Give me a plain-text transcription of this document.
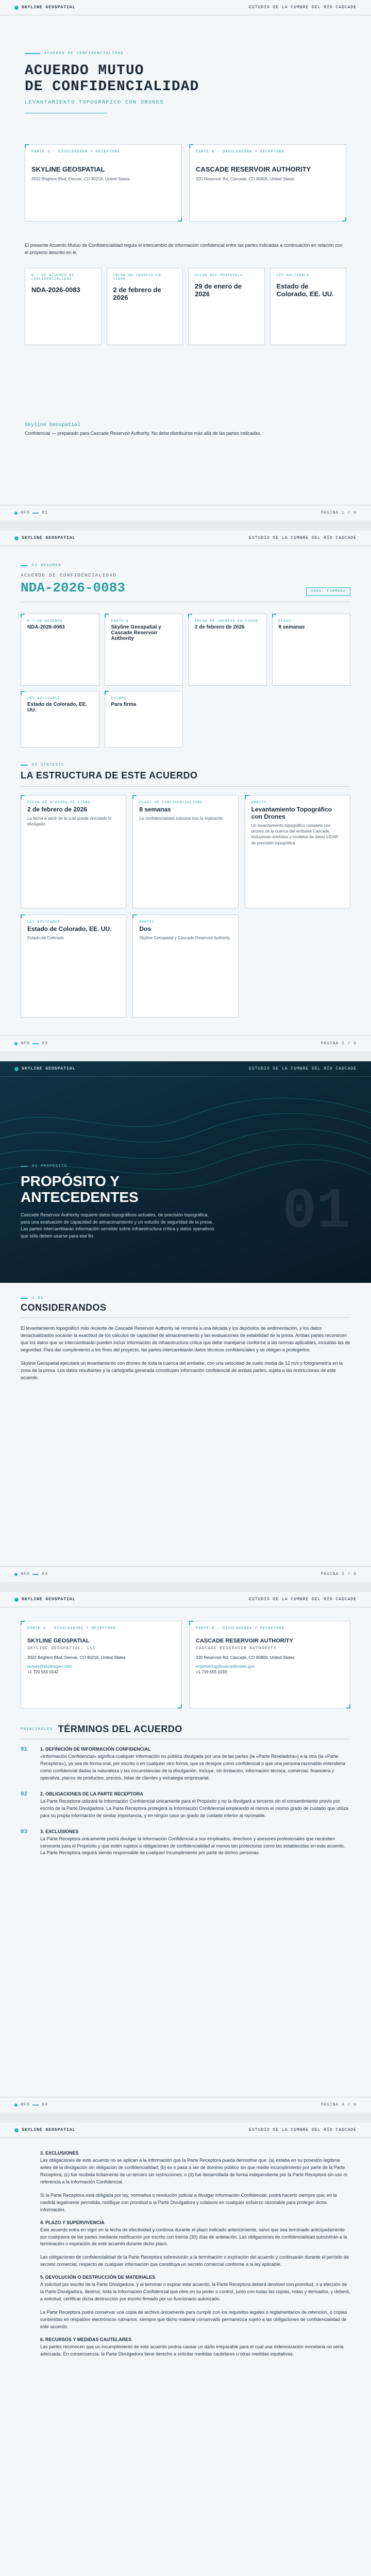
SKYLINE GEOSPATIAL	ESTUDIO DE LA CUMBRE DEL RÍO CASCADE
ACUERDO DE CONFIDENCIALIDAD
ACUERDO MUTUO
DE CONFIDENCIALIDAD
LEVANTAMIENTO TOPOGRÁFICO CON DRONES
PARTE A · DIVULGADORA Y RECEPTORA
SKYLINE GEOSPATIAL
3032 Brighton Blvd, Denver, CO 80216, United States
PARTE B · DIVULGADORA Y RECEPTORA
CASCADE RESERVOIR AUTHORITY
320 Reservoir Rd, Cascade, CO 80809, United States

El presente Acuerdo Mutuo de Confidencialidad regula el intercambio de información confidencial entre las partes indicadas a continuación en relación con el proyecto descrito en él.

N.º DE ACUERDO DE CONFIDENCIALIDAD
NDA-2026-0083
FECHA DE INGRESO EN VIGOR
2 de febrero de 2026
FECHA DEL PROTOCOLO
29 de enero de 2026
LEY APLICABLE
Estado de Colorado, EE. UU.
Skyline Geospatial
Confidencial — preparado para Cascade Reservoir Authority. No debe distribuirse más allá de las partes indicadas.
NFD	01	PÁGINA 1 / 6
SKYLINE GEOSPATIAL	ESTUDIO DE LA CUMBRE DEL RÍO CASCADE
01 RESUMEN
ACUERDO DE CONFIDENCIALIDAD
NDA-2026-0083	VERS. FIRMADA
N.º DE ACUERDO
NDA-2026-0083
PARTE A
Skyline Geospatial y Cascade Reservoir Authority
FECHA DE INGRESO EN VIGOR
2 de febrero de 2026
PLAZO
8 semanas
LEY APLICABLE
Estado de Colorado, EE. UU.
ESTADO
Para firma
02 SÍNTESIS
LA ESTRUCTURA DE ESTE ACUERDO
FECHA DE ACUERDO DE FIRMA
2 de febrero de 2026
La fecha a partir de la cual queda vinculado lo divulgado.
PLAZO DE CONFIDENCIALIDAD
8 semanas
La confidencialidad subsiste tras la expiración
ÁMBITO
Levantamiento Topográfico con Drones
Un levantamiento topográfico completo con drones de la cuenca del embalse Cascade, incluyendo ortofotos y modelos de datos LiDAR de precisión topográfica.
LEY APLICABLE
Estado de Colorado, EE. UU.
Estado de Colorado
PARTES
Dos
Skyline Geospatial y Cascade Reservoir Authority
NFD	02	PÁGINA 2 / 6
SKYLINE GEOSPATIAL	ESTUDIO DE LA CUMBRE DEL RÍO CASCADE
01 PROPÓSITO
PROPÓSITO Y
ANTECEDENTES

Cascade Reservoir Authority requiere datos topográficos actuales, de precisión topográfica, para una evaluación de capacidad de almacenamiento y un estudio de seguridad de la presa. Las partes intercambiarán información sensible sobre infraestructura crítica y datos operativos que sólo deben usarse para ese fin.	01
1.01
CONSIDERANDOS

El levantamiento topográfico más reciente de Cascade Reservoir Authority se remonta a una década y los depósitos de sedimentación, y los datos desactualizados socavan la exactitud de los cálculos de capacidad de almacenamiento y las evaluaciones de estabilidad de la presa. Ambas partes reconocen que los datos que se intercambiarán pueden incluir información de infraestructura crítica que debe manejarse conforme a las normas aplicables, incluidas las de seguridad. Para dar cumplimiento a los fines del proyecto, las partes intercambiarán datos técnicos confidenciales y se obligan a protegerlos.

Skyline Geospatial ejecutará un levantamiento con drones de toda la cuenca del embalse, con una velocidad de vuelo media de 12 m/s y fotogrametría en la zona de la presa. Los datos resultantes y la cartografía generada constituyen información confidencial de ambas partes, sujeta a las restricciones de este acuerdo.

NFD	03	PÁGINA 3 / 6
SKYLINE GEOSPATIAL	ESTUDIO DE LA CUMBRE DEL RÍO CASCADE
PARTE A · DIVULGADORA Y RECEPTORA
SKYLINE GEOSPATIAL
SKYLINE GEOSPATIAL, LLC
3032 Brighton Blvd, Denver, CO 80216, United States
survey@skylinegeo.com
+1 720 555 0142
PARTE B · DIVULGADORA Y RECEPTORA
CASCADE RESERVOIR AUTHORITY
CASCADE RESERVOIR AUTHORITY
320 Reservoir Rd, Cascade, CO 80809, United States
engineering@cascadewater.gov
+1 719 555 0193
PRINCIPALES TÉRMINOS DEL ACUERDO
01	1. DEFINICIÓN DE INFORMACIÓN CONFIDENCIAL

«Información Confidencial» significa cualquier información no pública divulgada por una de las partes (la «Parte Reveladora») a la otra (la «Parte Receptora»), ya sea de forma oral, por escrito o en cualquier otro forma, que se designe como confidencial o que una persona razonable entendería como confidencial dadas la naturaleza y las circunstancias de la divulgación. Incluye, sin limitación, información técnica, comercial, financiera y operativa, planos de productos, precios, listas de clientes y estrategia empresarial.

02	2. OBLIGACIONES DE LA PARTE RECEPTORA

La Parte Receptora utilizará la Información Confidencial únicamente para el Propósito y no la divulgará a terceros sin el consentimiento previo por escrito de la Parte Divulgadora. La Parte Receptora protegerá la Información Confidencial empleando al menos el mismo grado de cuidado que utiliza para su propia información de similar importancia, y en ningún caso un grado de cuidado inferior al razonable.

03	3. EXCLUSIONES

La Parte Receptora únicamente podrá divulgar la Información Confidencial a sus empleados, directivos y asesores profesionales que necesiten conocerla para el Propósito y que estén sujetos a obligaciones de confidencialidad al menos tan protectoras como las establecidas en este acuerdo. La Parte Receptora seguirá siendo responsable de cualquier incumplimiento por parte de dichos personas.

NFD	04	PÁGINA 4 / 6
SKYLINE GEOSPATIAL	ESTUDIO DE LA CUMBRE DEL RÍO CASCADE
3. EXCLUSIONES

Las obligaciones de este acuerdo no se aplican a la información que la Parte Receptora pueda demostrar que: (a) estaba en su posesión legítima antes de la divulgación sin obligación de confidencialidad; (b) es o pasa a ser de dominio público sin que medie incumplimiento por parte de la Parte Receptora; (c) fue recibida lícitamente de un tercero sin restricciones; o (d) fue desarrollada de forma independiente por la Parte Receptora sin uso ni referencia a la Información Confidencial.

Si la Parte Receptora está obligada por ley, normativa o resolución judicial a divulgar Información Confidencial, podrá hacerlo siempre que, en la medida legalmente permitida, notifique con prontitud a la Parte Divulgadora y colabore en cualquier esfuerzo razonable para proteger dicha información.

4. PLAZO Y SUPERVIVENCIA

Este acuerdo entra en vigor en la fecha de efectividad y continúa durante el plazo indicado anteriormente, salvo que sea terminado anticipadamente por cualquiera de las partes mediante notificación por escrito con treinta (30) días de antelación. Las obligaciones de confidencialidad subsistirán a la terminación o expiración de este acuerdo durante dicho plazo.

Las obligaciones de confidencialidad de la Parte Receptora sobrevivirán a la terminación o expiración del acuerdo y continuarán durante el período de secreto comercial, respecto de cualquier información que constituya un secreto comercial conforme a la ley aplicable.

5. DEVOLUCIÓN O DESTRUCCIÓN DE MATERIALES

A solicitud por escrito de la Parte Divulgadora, y al terminar o expirar este acuerdo, la Parte Receptora deberá devolver con prontitud, o a elección de la Parte Divulgadora, destruir, toda la Información Confidencial que obre en su poder o control, junto con todas las copias, notas y derivados, y deberá, a solicitud, certificar dicha destrucción por escrito firmado por un funcionario autorizado.

La Parte Receptora podrá conservar una copia de archivo únicamente para cumplir con los requisitos legales o reglamentarios de retención, o copias contenidas en respaldos electrónicos rutinarios, siempre que dicho material conservado permanezca sujeto a las obligaciones de confidencialidad de este acuerdo.

6. RECURSOS Y MEDIDAS CAUTELARES

Las partes reconocen que un incumplimiento de este acuerdo podría causar un daño irreparable para el cual una indemnización monetaria no sería adecuada. En consecuencia, la Parte Divulgadora tiene derecho a solicitar medidas cautelares u otras medidas equitativas.
